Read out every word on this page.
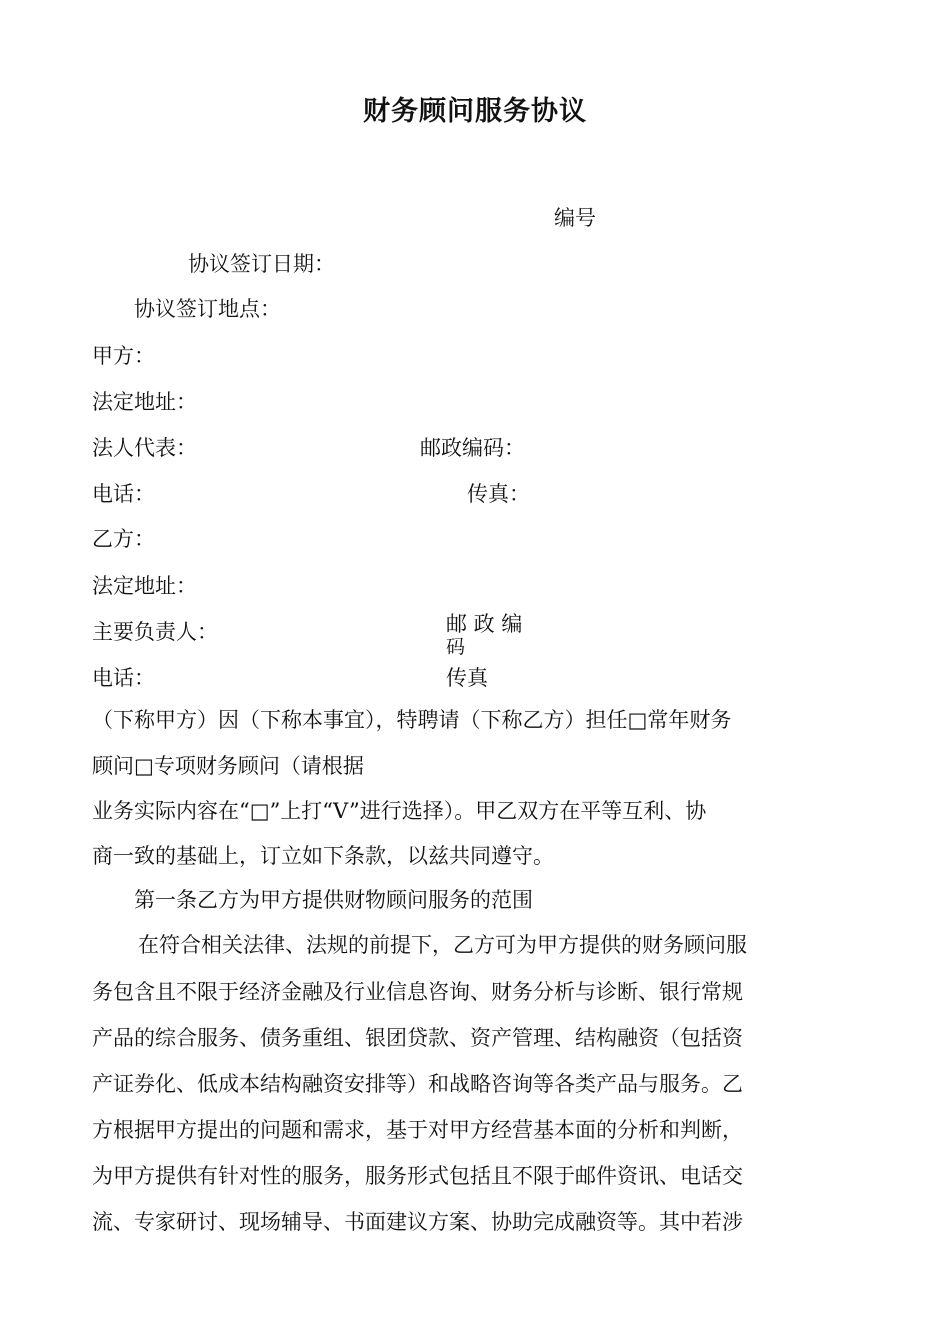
财务顾问服务协议
编号
协议签订日期：
协议签订地点：
甲方：
法定地址：
法人代表：	邮政编码：
电话：	传真：
乙方：
法定地址：
主要负责人：	邮 政 编
码
电话：	传真
（下称甲方）因（下称本事宜），特聘请（下称乙方）担任□常年财务
顾问□专项财务顾问（请根据
业务实际内容在“□”上打“V”进行选择）。甲乙双方在平等互利、协
商一致的基础上，订立如下条款，以兹共同遵守。
第一条乙方为甲方提供财物顾问服务的范围
在符合相关法律、法规的前提下，乙方可为甲方提供的财务顾问服
务包含且不限于经济金融及行业信息咨询、财务分析与诊断、银行常规
产品的综合服务、债务重组、银团贷款、资产管理、结构融资（包括资
产证券化、低成本结构融资安排等）和战略咨询等各类产品与服务。乙
方根据甲方提出的问题和需求，基于对甲方经营基本面的分析和判断，
为甲方提供有针对性的服务，服务形式包括且不限于邮件资讯、电话交
流、专家研讨、现场辅导、书面建议方案、协助完成融资等。其中若涉
